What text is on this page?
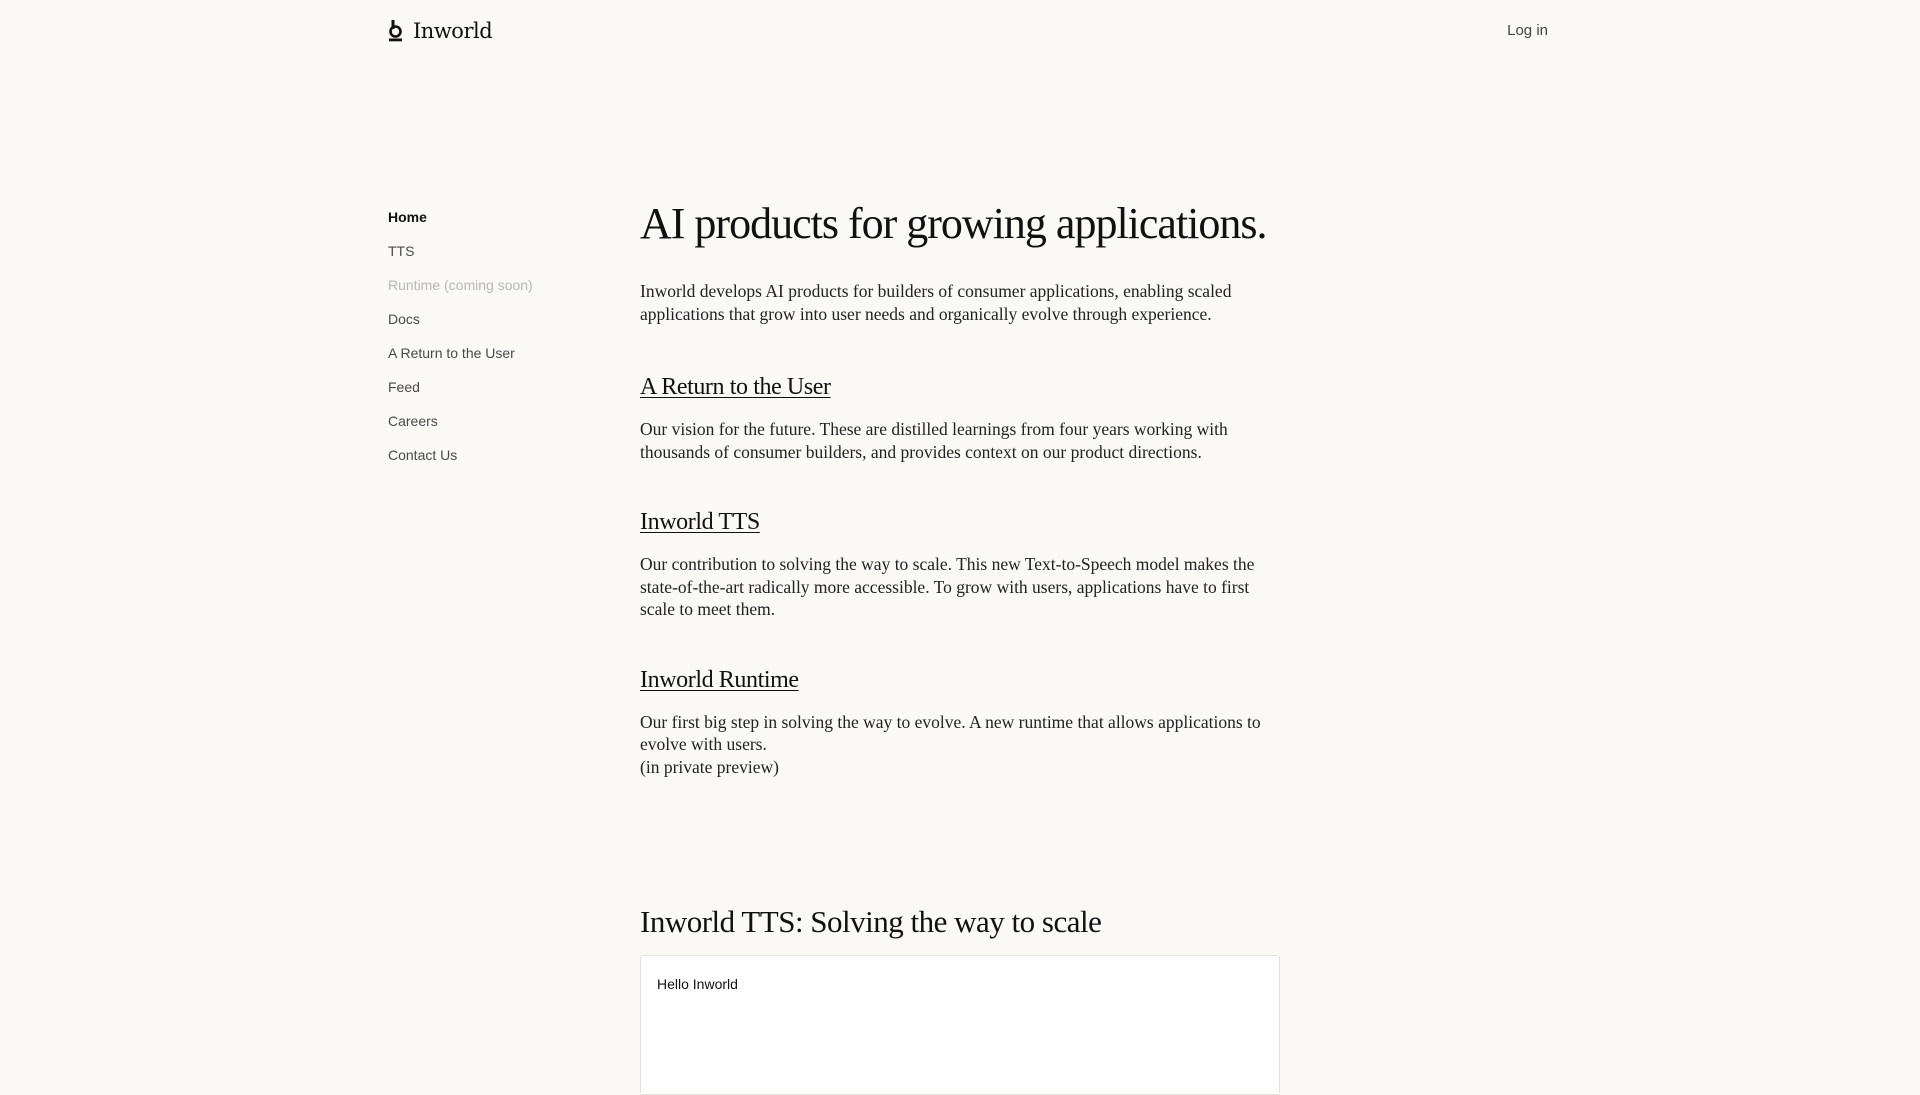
Inworld	Log in
Home
TTS
Runtime (coming soon)
Docs
A Return to the User
Feed
Careers
Contact Us
AI products for growing applications.

Inworld develops AI products for builders of consumer applications, enabling scaled applications that grow into user needs and organically evolve through experience.

A Return to the User

Our vision for the future. These are distilled learnings from four years working with thousands of consumer builders, and provides context on our product directions.

Inworld TTS

Our contribution to solving the way to scale. This new Text-to-Speech model makes the state-of-the-art radically more accessible. To grow with users, applications have to first scale to meet them.

Inworld Runtime

Our first big step in solving the way to evolve. A new runtime that allows applications to evolve with users.

(in private preview)

Inworld TTS: Solving the way to scale
Hello Inworld
